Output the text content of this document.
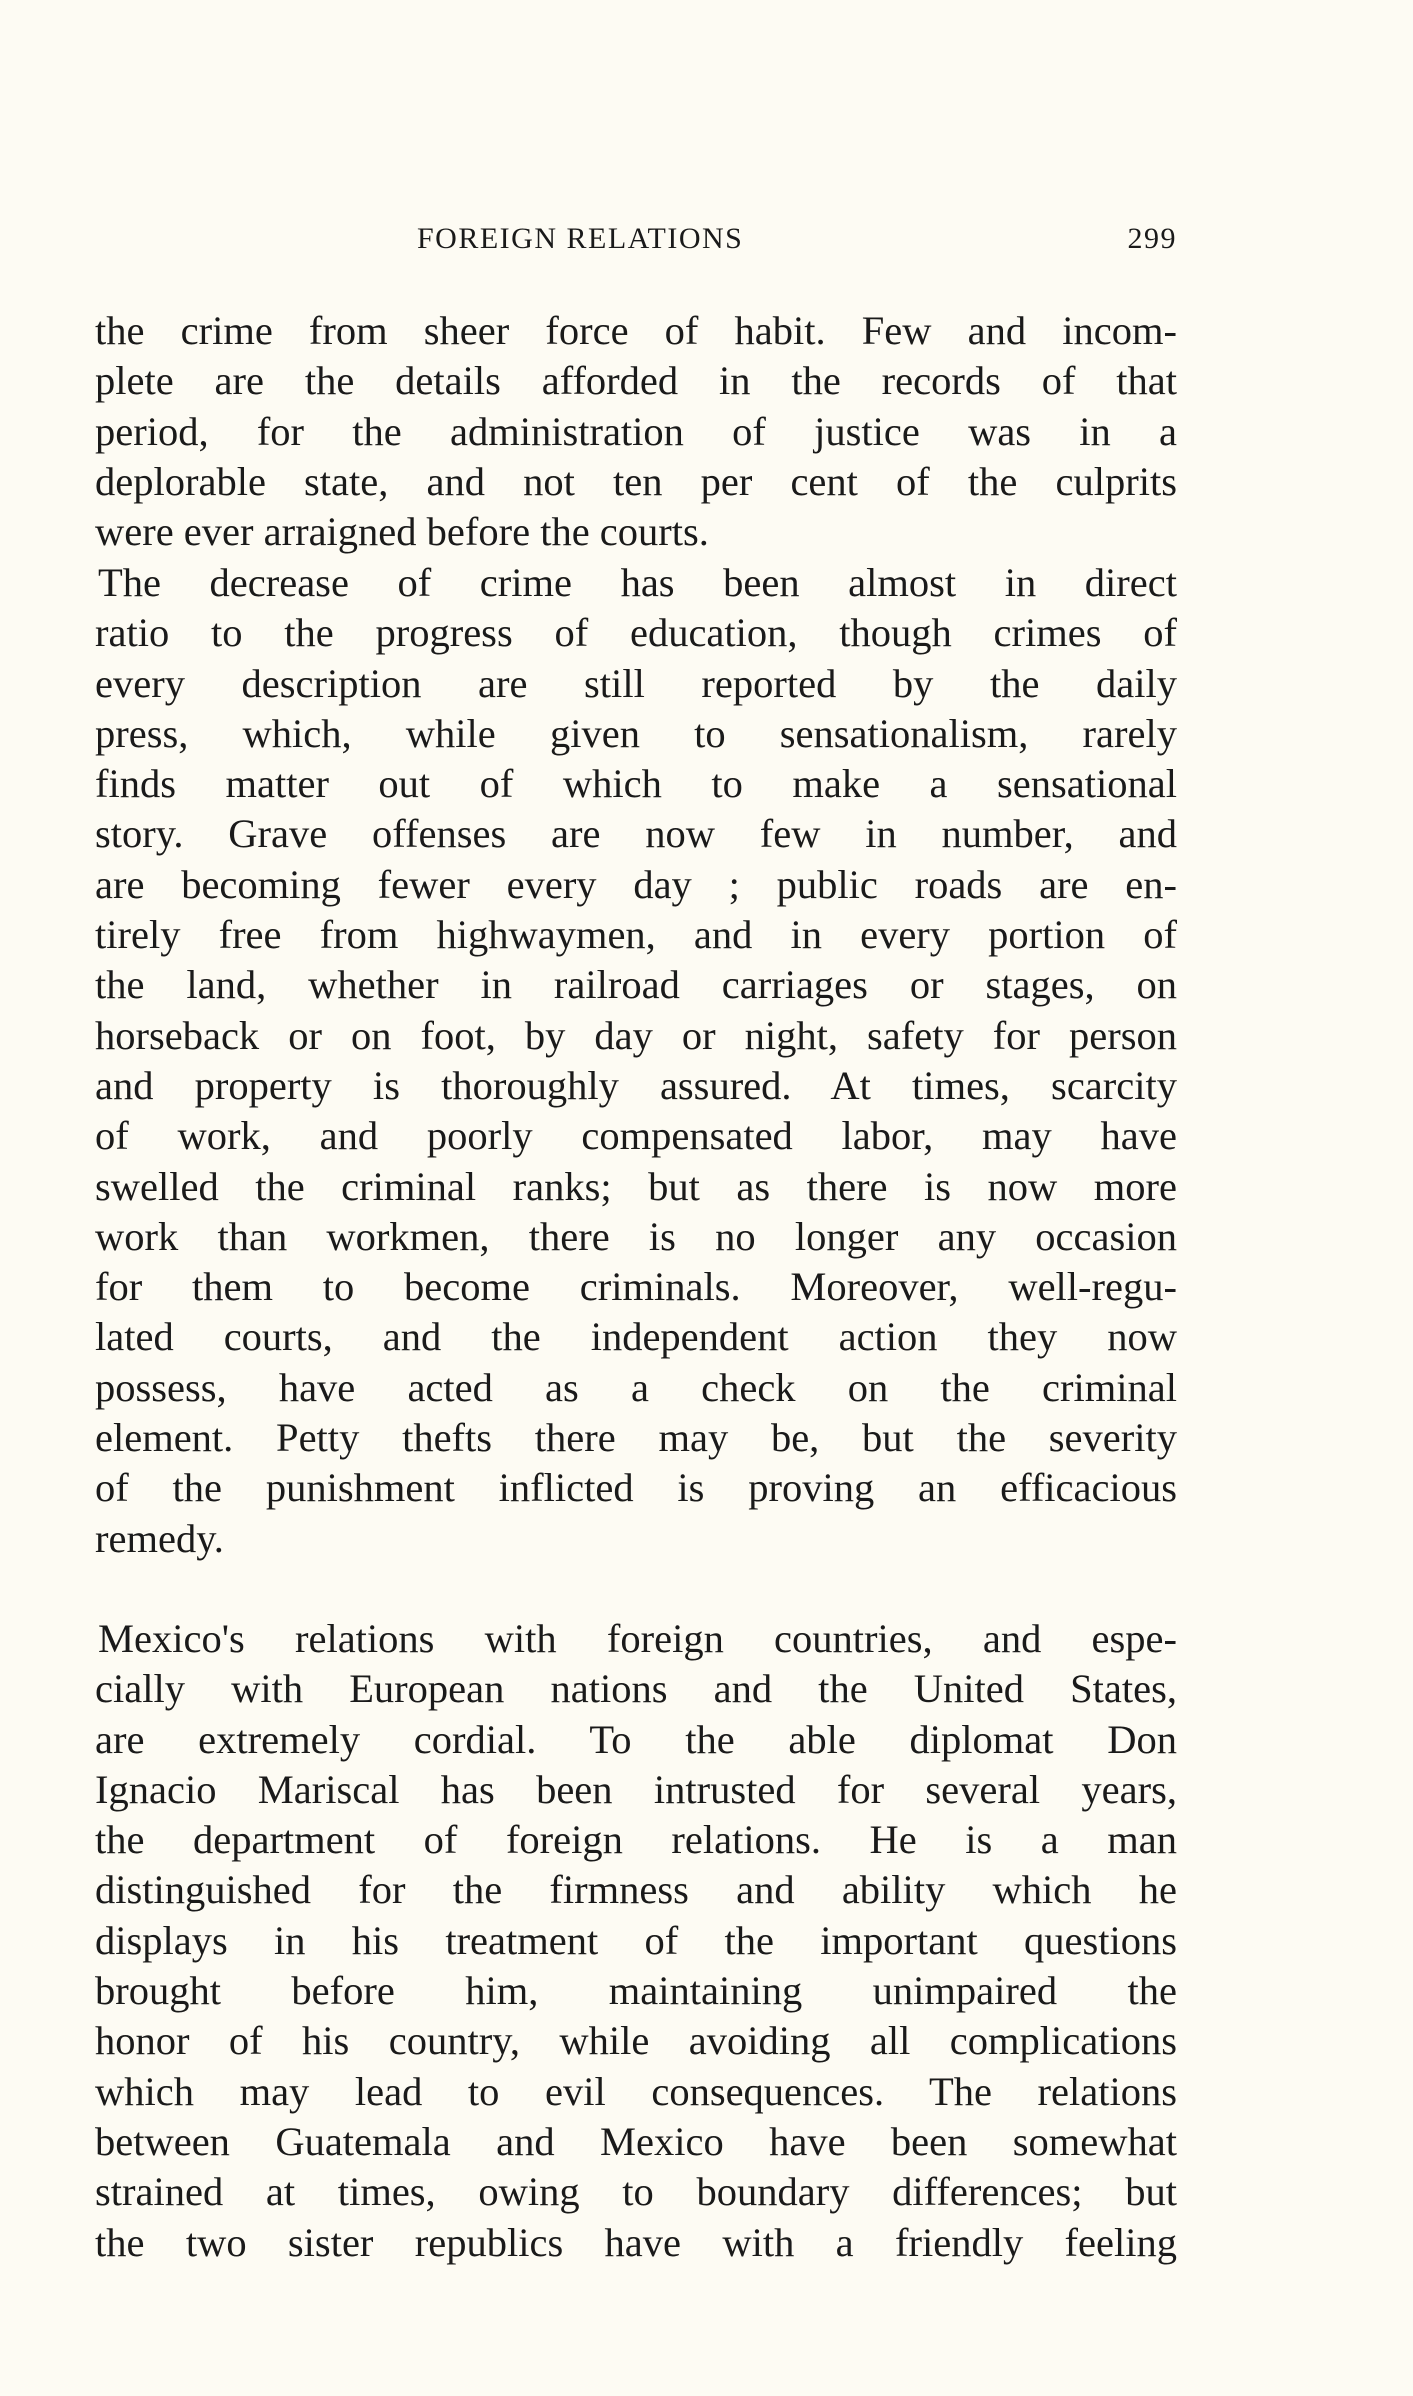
FOREIGN RELATIONS	299
the crime from sheer force of habit. Few and incom-
plete are the details afforded in the records of that
period, for the administration of justice was in a
deplorable state, and not ten per cent of the culprits
were ever arraigned before the courts.
The decrease of crime has been almost in direct
ratio to the progress of education, though crimes of
every description are still reported by the daily
press, which, while given to sensationalism, rarely
finds matter out of which to make a sensational
story. Grave offenses are now few in number, and
are becoming fewer every day ; public roads are en-
tirely free from highwaymen, and in every portion of
the land, whether in railroad carriages or stages, on
horseback or on foot, by day or night, safety for person
and property is thoroughly assured. At times, scarcity
of work, and poorly compensated labor, may have
swelled the criminal ranks; but as there is now more
work than workmen, there is no longer any occasion
for them to become criminals. Moreover, well-regu-
lated courts, and the independent action they now
possess, have acted as a check on the criminal
element. Petty thefts there may be, but the severity
of the punishment inflicted is proving an efficacious
remedy.
Mexico's relations with foreign countries, and espe-
cially with European nations and the United States,
are extremely cordial. To the able diplomat Don
Ignacio Mariscal has been intrusted for several years,
the department of foreign relations. He is a man
distinguished for the firmness and ability which he
displays in his treatment of the important questions
brought before him, maintaining unimpaired the
honor of his country, while avoiding all complications
which may lead to evil consequences. The relations
between Guatemala and Mexico have been somewhat
strained at times, owing to boundary differences; but
the two sister republics have with a friendly feeling
